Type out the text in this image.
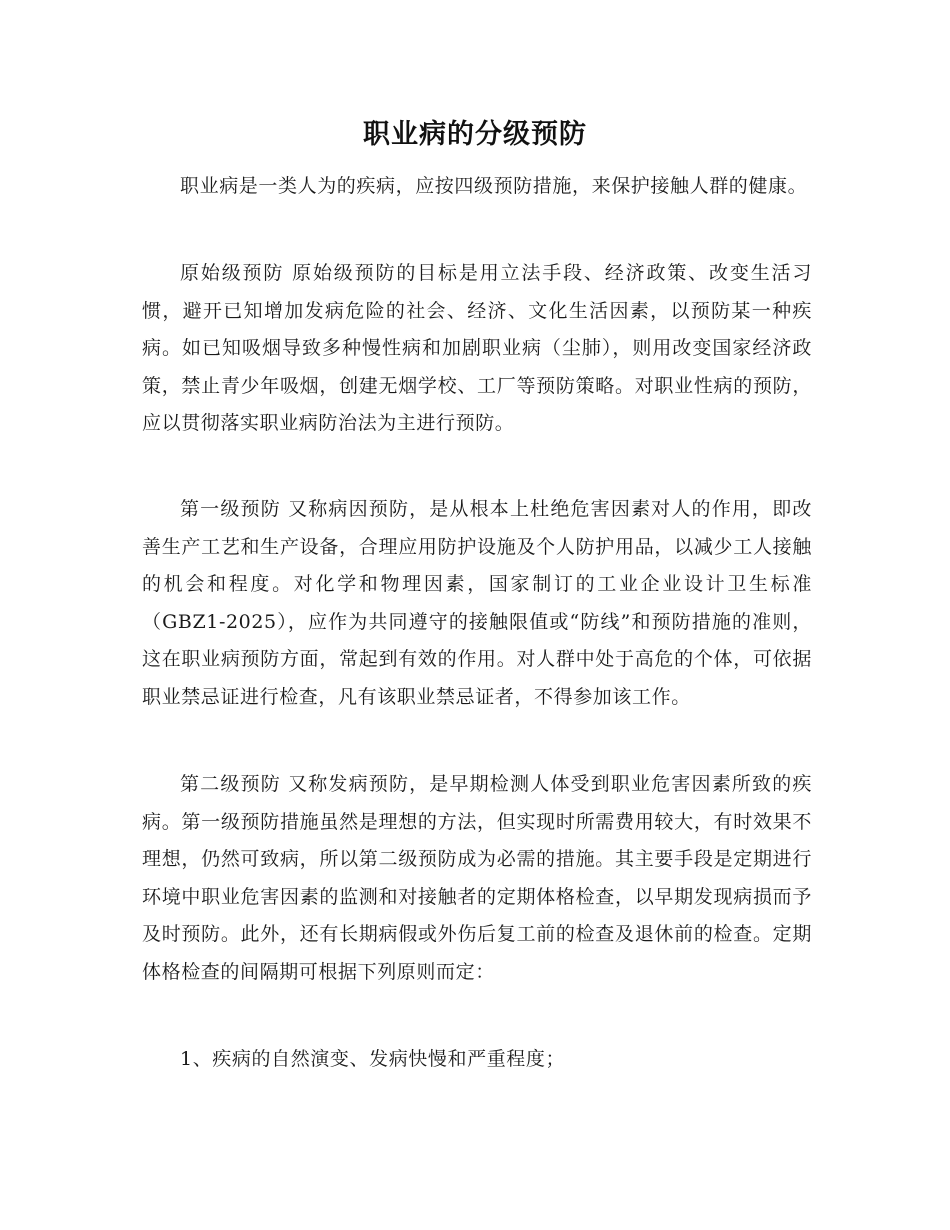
职业病的分级预防

职业病是一类人为的疾病，应按四级预防措施，来保护接触人群的健康。

原始级预防 原始级预防的目标是用立法手段、经济政策、改变生活习惯，避开已知增加发病危险的社会、经济、文化生活因素，以预防某一种疾病。如已知吸烟导致多种慢性病和加剧职业病（尘肺），则用改变国家经济政策，禁止青少年吸烟，创建无烟学校、工厂等预防策略。对职业性病的预防，应以贯彻落实职业病防治法为主进行预防。

第一级预防 又称病因预防，是从根本上杜绝危害因素对人的作用，即改善生产工艺和生产设备，合理应用防护设施及个人防护用品，以减少工人接触的机会和程度。对化学和物理因素，国家制订的工业企业设计卫生标准（GBZ1-2025），应作为共同遵守的接触限值或“防线”和预防措施的准则，这在职业病预防方面，常起到有效的作用。对人群中处于高危的个体，可依据职业禁忌证进行检查，凡有该职业禁忌证者，不得参加该工作。

第二级预防 又称发病预防，是早期检测人体受到职业危害因素所致的疾病。第一级预防措施虽然是理想的方法，但实现时所需费用较大，有时效果不理想，仍然可致病，所以第二级预防成为必需的措施。其主要手段是定期进行环境中职业危害因素的监测和对接触者的定期体格检查，以早期发现病损而予及时预防。此外，还有长期病假或外伤后复工前的检查及退休前的检查。定期体格检查的间隔期可根据下列原则而定：

1、疾病的自然演变、发病快慢和严重程度；
